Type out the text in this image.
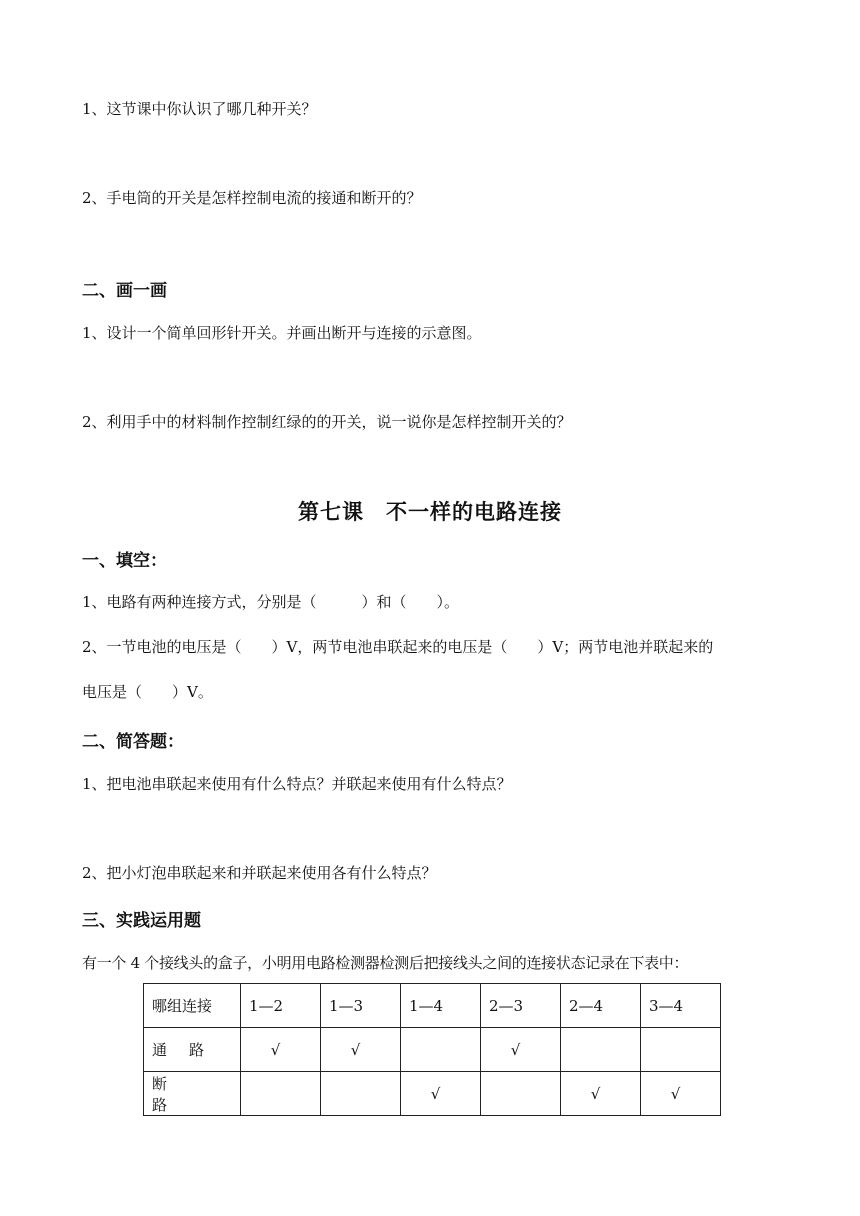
1、这节课中你认识了哪几种开关？
2、手电筒的开关是怎样控制电流的接通和断开的？
二、画一画
1、设计一个简单回形针开关。并画出断开与连接的示意图。
2、利用手中的材料制作控制红绿的的开关，说一说你是怎样控制开关的？
第七课　不一样的电路连接
一、填空：
1、电路有两种连接方式，分别是（　　　）和（　　）。
2、一节电池的电压是（　　）V，两节电池串联起来的电压是（　　）V；两节电池并联起来的
电压是（　　）V。
二、简答题：
1、把电池串联起来使用有什么特点？并联起来使用有什么特点？
2、把小灯泡串联起来和并联起来使用各有什么特点？
三、实践运用题
有一个 4 个接线头的盒子，小明用电路检测器检测后把接线头之间的连接状态记录在下表中：
哪组连接	1—2	1—3	1—4	2—3	2—4	3—4
通路	√	√		√		
断路			√		√	√
